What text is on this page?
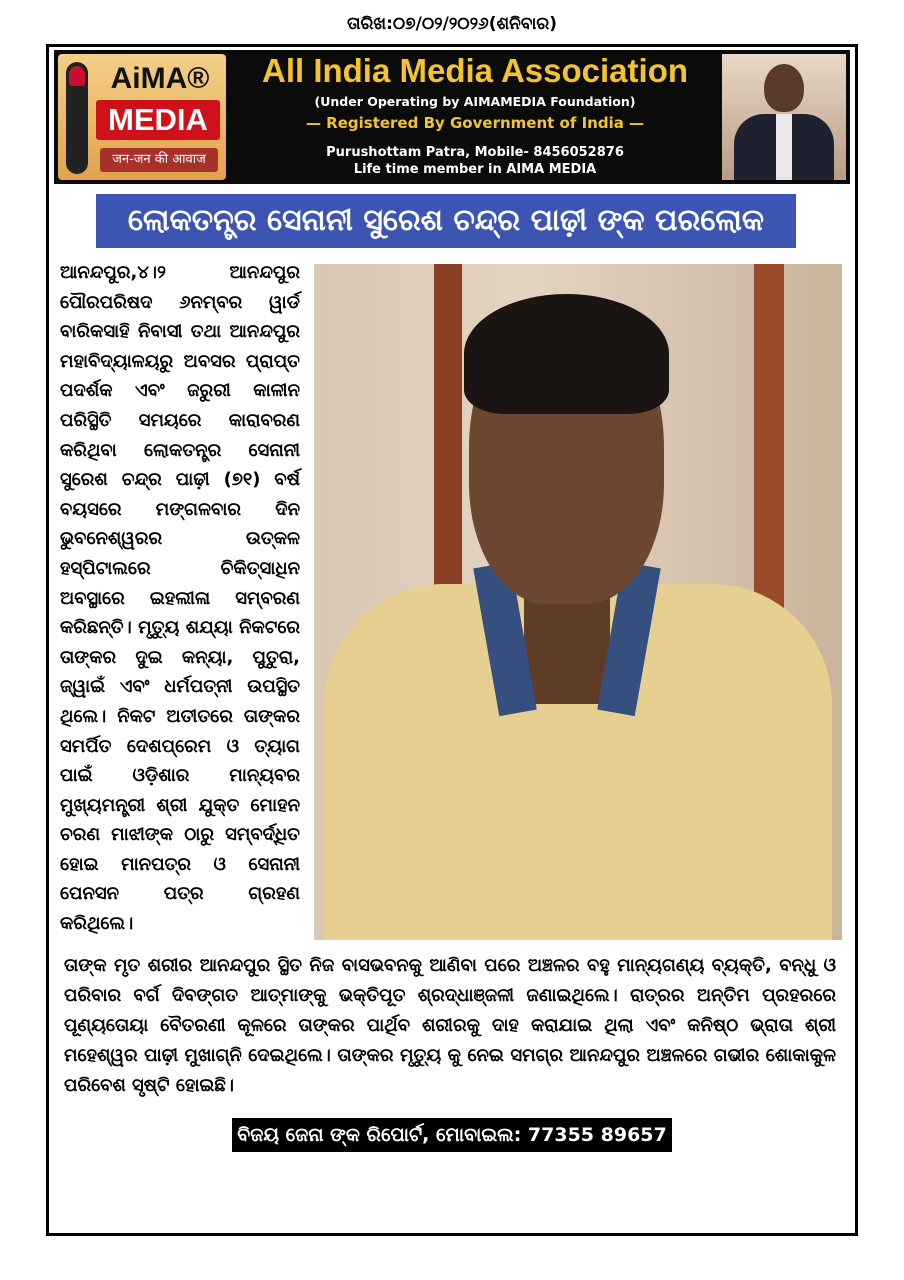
ତାରିଖ:୦୭/୦୨/୨୦୨୬(ଶନିବାର)
AiMA®
MEDIA
जन-जन की आवाज
All India Media Association
(Under Operating by AIMAMEDIA Foundation)
— Registered By Government of India —
Purushottam Patra, Mobile- 8456052876
Life time member in AIMA MEDIA
ଲୋକତନ୍ତ୍ର ସେନାନୀ ସୁରେଶ ଚନ୍ଦ୍ର ପାଢ଼ୀ ଙ୍କ ପରଲୋକ
ଆନନ୍ଦପୁର,୪।୨ ଆନନ୍ଦପୁର ପୌରପରିଷଦ ୬ନମ୍ବର ୱାର୍ଡ ବାରିକସାହି ନିବାସୀ ତଥା ଆନନ୍ଦପୁର ମହାବିଦ୍ୟାଳୟରୁ ଅବସର ପ୍ରାପ୍ତ ପଦର୍ଶକ ଏବଂ ଜରୁରୀ କାଳୀନ ପରିସ୍ଥିତି ସମୟରେ କାରାବରଣ କରିଥିବା ଲୋକତନ୍ତ୍ର ସେନାନୀ ସୁରେଶ ଚନ୍ଦ୍ର ପାଢ଼ୀ (୭୧) ବର୍ଷ ବୟସରେ ମଙ୍ଗଳବାର ଦିନ ଭୁବନେଶ୍ୱରର ଉତ୍କଳ ହସ୍ପିଟାଲରେ ଚିକିତ୍ସାଧିନ ଅବସ୍ଥାରେ ଇହଲୀଳା ସମ୍ବରଣ କରିଛନ୍ତି। ମୃତ୍ୟୁ ଶଯ୍ୟା ନିକଟରେ ତାଙ୍କର ଦୁଇ କନ୍ୟା, ପୁତୁରା, ଜ୍ୱାଇଁ ଏବଂ ଧର୍ମପତ୍ନୀ ଉପସ୍ଥିତ ଥିଲେ। ନିକଟ ଅତୀତରେ ତାଙ୍କର ସମର୍ପିତ ଦେଶପ୍ରେମ ଓ ତ୍ୟାଗ ପାଇଁ ଓଡ଼ିଶାର ମାନ୍ୟବର ମୁଖ୍ୟମନ୍ତ୍ରୀ ଶ୍ରୀ ଯୁକ୍ତ ମୋହନ ଚରଣ ମାଝୀଙ୍କ ଠାରୁ ସମ୍ବର୍ଦ୍ଧିତ ହୋଇ ମାନପତ୍ର ଓ ସେନାନୀ ପେନସନ ପତ୍ର ଗ୍ରହଣ କରିଥିଲେ।
ତାଙ୍କ ମୃତ ଶରୀର ଆନନ୍ଦପୁର ସ୍ଥିତ ନିଜ ବାସଭବନକୁ ଆଣିବା ପରେ ଅଞ୍ଚଳର ବହୁ ମାନ୍ୟଗଣ୍ୟ ବ୍ୟକ୍ତି, ବନ୍ଧୁ ଓ ପରିବାର ବର୍ଗ ଦିବଙ୍ଗତ ଆତ୍ମାଙ୍କୁ ଭକ୍ତିପୂତ ଶ୍ରଦ୍ଧାଞ୍ଜଳୀ ଜଣାଇଥିଲେ। ରାତ୍ରର ଅନ୍ତିମ ପ୍ରହରରେ ପୂଣ୍ୟତୋୟା ବୈତରଣୀ କୂଳରେ ତାଙ୍କର ପାର୍ଥିବ ଶରୀରକୁ ଦାହ କରାଯାଇ ଥିଲା ଏବଂ କନିଷ୍ଠ ଭ୍ରାତା ଶ୍ରୀ ମହେଶ୍ୱର ପାଢ଼ୀ ମୁଖାଗ୍ନି ଦେଇଥିଲେ। ତାଙ୍କର ମୃତ୍ୟୁ କୁ ନେଇ ସମଗ୍ର ଆନନ୍ଦପୁର ଅଞ୍ଚଳରେ ଗଭୀର ଶୋକାକୁଳ ପରିବେଶ ସୃଷ୍ଟି ହୋଇଛି।
ବିଜୟ ଜେନା ଙ୍କ ରିପୋର୍ଟ, ମୋବାଇଲ: 77355 89657
